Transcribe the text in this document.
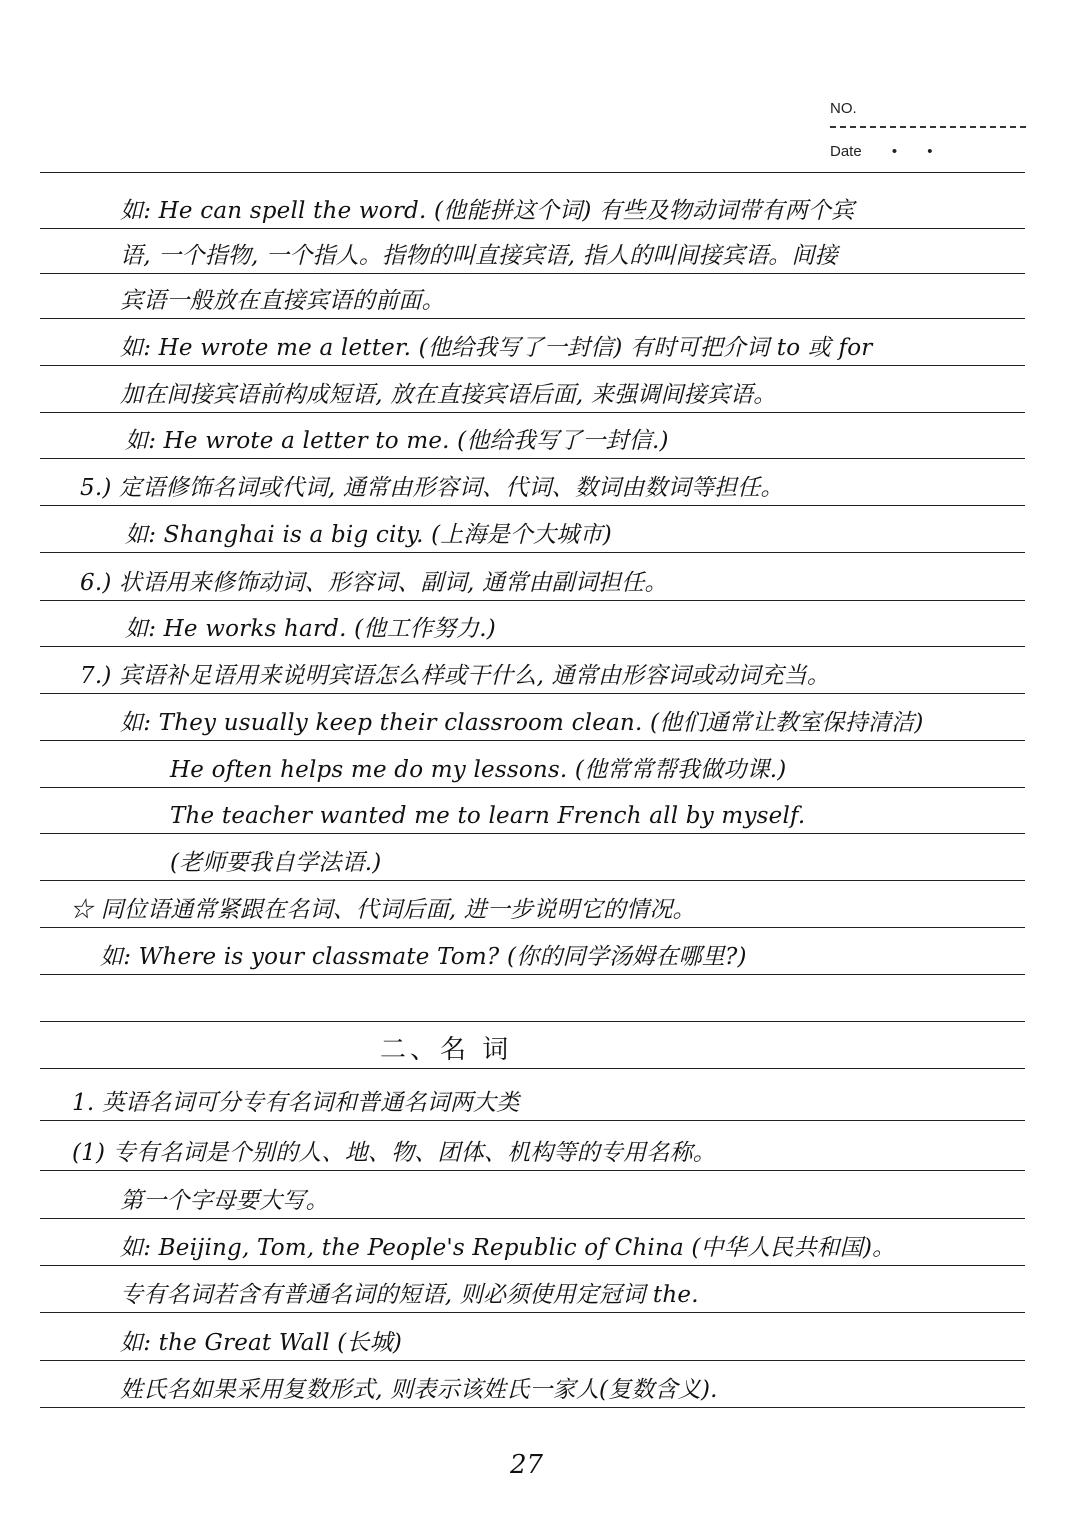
NO.
Date • •
如: He can spell the word. (他能拼这个词) 有些及物动词带有两个宾
语, 一个指物, 一个指人。指物的叫直接宾语, 指人的叫间接宾语。间接
宾语一般放在直接宾语的前面。
如: He wrote me a letter. (他给我写了一封信) 有时可把介词 to 或 for
加在间接宾语前构成短语, 放在直接宾语后面, 来强调间接宾语。
如: He wrote a letter to me. (他给我写了一封信.)
5.) 定语修饰名词或代词, 通常由形容词、代词、数词由数词等担任。
如: Shanghai is a big city. (上海是个大城市)
6.) 状语用来修饰动词、形容词、副词, 通常由副词担任。
如: He works hard. (他工作努力.)
7.) 宾语补足语用来说明宾语怎么样或干什么, 通常由形容词或动词充当。
如: They usually keep their classroom clean. (他们通常让教室保持清洁)
He often helps me do my lessons. (他常常帮我做功课.)
The teacher wanted me to learn French all by myself.
(老师要我自学法语.)
☆ 同位语通常紧跟在名词、代词后面, 进一步说明它的情况。
如: Where is your classmate Tom? (你的同学汤姆在哪里?)
二、名 词
1. 英语名词可分专有名词和普通名词两大类
(1) 专有名词是个别的人、地、物、团体、机构等的专用名称。
第一个字母要大写。
如: Beijing, Tom, the People's Republic of China (中华人民共和国)。
专有名词若含有普通名词的短语, 则必须使用定冠词 the.
如: the Great Wall (长城)
姓氏名如果采用复数形式, 则表示该姓氏一家人(复数含义).
27
